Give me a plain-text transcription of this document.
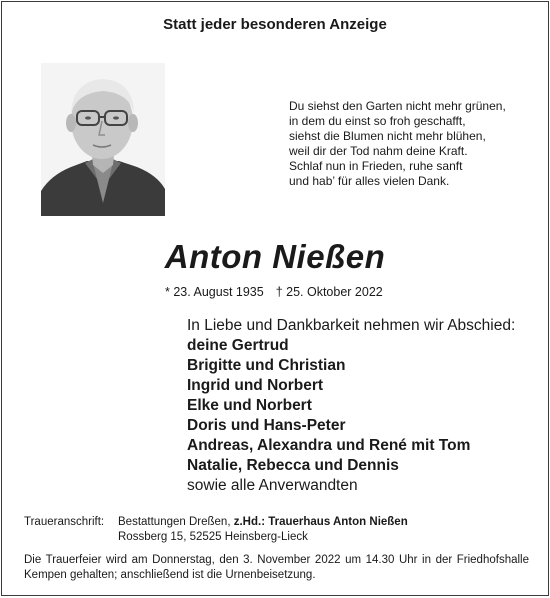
Statt jeder besonderen Anzeige
Du siehst den Garten nicht mehr grünen,
in dem du einst so froh geschafft,
siehst die Blumen nicht mehr blühen,
weil dir der Tod nahm deine Kraft.
Schlaf nun in Frieden, ruhe sanft
und hab’ für alles vielen Dank.
Anton Nießen
* 23. August 1935 † 25. Oktober 2022
In Liebe und Dankbarkeit nehmen wir Abschied:
deine Gertrud
Brigitte und Christian
Ingrid und Norbert
Elke und Norbert
Doris und Hans-Peter
Andreas, Alexandra und René mit Tom
Natalie, Rebecca und Dennis
sowie alle Anverwandten
Traueranschrift: Bestattungen Dreßen, z.Hd.: Trauerhaus Anton Nießen
Rossberg 15, 52525 Heinsberg-Lieck
Die Trauerfeier wird am Donnerstag, den 3. November 2022 um 14.30 Uhr in der Friedhofshalle Kempen gehalten; anschließend ist die Urnenbeisetzung.
